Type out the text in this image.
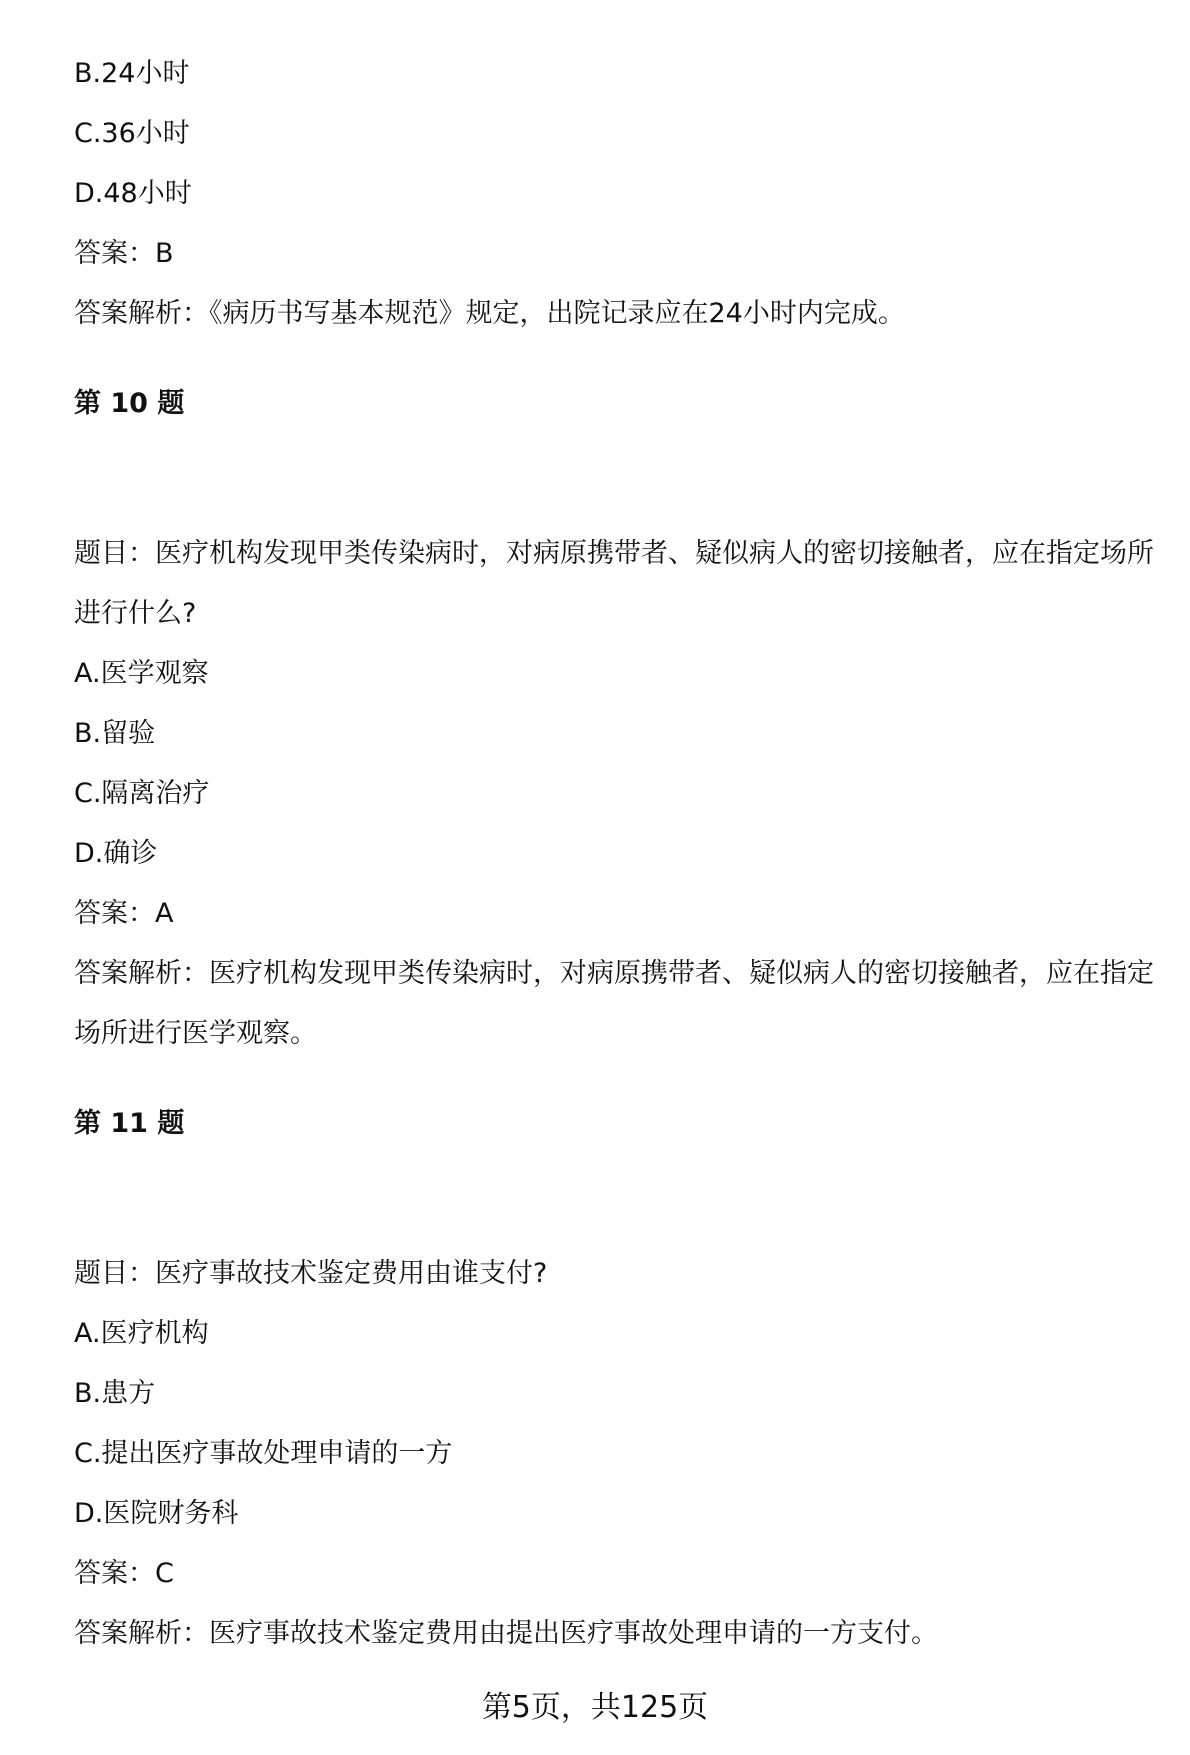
B.24小时

C.36小时

D.48小时

答案：B

答案解析：《病历书写基本规范》规定，出院记录应在24小时内完成。

第 10 题

题目：医疗机构发现甲类传染病时，对病原携带者、疑似病人的密切接触者，应在指定场所进行什么?

A.医学观察

B.留验

C.隔离治疗

D.确诊

答案：A

答案解析：医疗机构发现甲类传染病时，对病原携带者、疑似病人的密切接触者，应在指定场所进行医学观察。

第 11 题

题目：医疗事故技术鉴定费用由谁支付?

A.医疗机构

B.患方

C.提出医疗事故处理申请的一方

D.医院财务科

答案：C

答案解析：医疗事故技术鉴定费用由提出医疗事故处理申请的一方支付。

第5页，共125页
